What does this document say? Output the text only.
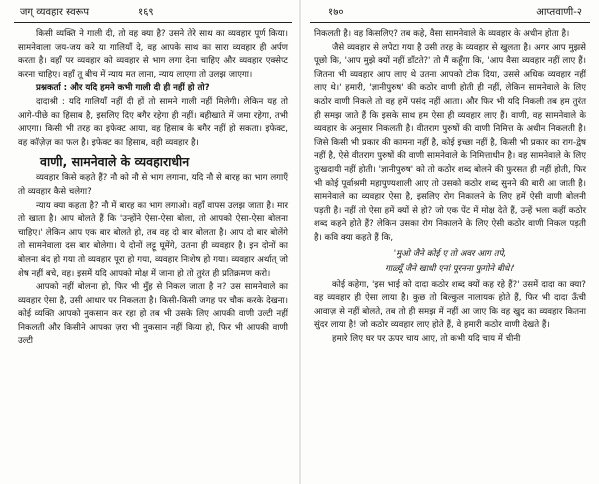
जग् व्यवहार स्वरूप	१६९

किसी व्यक्ति ने गाली दी, तो वह क्या है? उसने तेरे साथ का व्यवहार पूर्ण किया। सामनेवाला जय-जय करे या गालियाँ दे, वह आपके साथ का सारा व्यवहार ही अर्पण करता है। वहाँ पर व्यवहार को व्यवहार से भाग लगा देना चाहिए और व्यवहार एक्सेप्ट करना चाहिए। वहाँ तू बीच में न्याय मत लाना, न्याय लाएगा तो उलझ जाएगा।

प्रश्नकर्ता : और यदि हमने कभी गाली दी ही नहीं हो तो?

दादाश्री : यदि गालियाँ नहीं दी हों तो सामने गाली नहीं मिलेगी। लेकिन यह तो आगे-पीछे का हिसाब है, इसलिए दिए बगैर रहेगा ही नहीं। बहीखाते में जमा रहेगा, तभी आएगा। किसी भी तरह का इफेक्ट आया, वह हिसाब के बगैर नहीं हो सकता। इफेक्ट, वह कॉज़ेज़ का फल है। इफेक्ट का हिसाब, वही व्यवहार है।

वाणी, सामनेवाले के व्यवहाराधीन

व्यवहार किसे कहते हैं? नौ को नौ से भाग लगाना, यदि नौ से बारह का भाग लगाएँ तो व्यवहार कैसे चलेगा?

न्याय क्या कहता है? नौ में बारह का भाग लगाओ। वहाँ वापस उलझ जाता है। मार तो खाता है। आप बोलते हैं कि 'उन्होंने ऐसा-ऐसा बोला, तो आपको ऐसा-ऐसा बोलना चाहिए।' लेकिन आप एक बार बोलते हो, तब वह दो बार बोलता है। आप दो बार बोलेंगे तो सामनेवाला दस बार बोलेगा। ये दोनों लट्टू घूमेंगे, उतना ही व्यवहार है। इन दोनों का बोलना बंद हो गया तो व्यवहार पूरा हो गया, व्यवहार निःशेष हो गया। व्यवहार अर्थात् जो शेष नहीं बचे, वह। इसमें यदि आपको मोक्ष में जाना हो तो तुरंत ही प्रतिक्रमण करो।

आपको नहीं बोलना हो, फिर भी मुँह से निकल जाता है न? उस सामनेवाले का व्यवहार ऐसा है, उसी आधार पर निकलता है। किसी-किसी जगह पर चौक करके देखना। कोई व्यक्ति आपको नुकसान कर रहा हो तब भी उसके लिए आपकी वाणी उल्टी नहीं निकलती और किसीने आपका ज़रा भी नुकसान नहीं किया हो, फिर भी आपकी वाणी उल्टी

१७०	आप्तवाणी-२

निकलती है। वह किसलिए? तब कहे, वैसा सामनेवाले के व्यवहार के अधीन होता है।

जैसे व्यवहार से लपेटा गया है उसी तरह के व्यवहार से खुलता है। अगर आप मुझसे पूछो कि, 'आप मुझे क्यों नहीं डाँटते?' तो मैं कहूँगा कि, 'आप वैसा व्यवहार नहीं लाए हैं। जितना भी व्यवहार आप लाए थे उतना आपको टोक दिया, उससे अधिक व्यवहार नहीं लाए थे।' हमारी, 'ज्ञानीपुरुष' की कठोर वाणी होती ही नहीं, लेकिन सामनेवाले के लिए कठोर वाणी निकले तो वह हमें पसंद नहीं आता। और फिर भी यदि निकली तब हम तुरंत ही समझ जाते हैं कि इसके साथ हम ऐसा ही व्यवहार लाए हैं। वाणी, वह सामनेवाले के व्यवहार के अनुसार निकलती है। वीतराग पुरुषों की वाणी निमित्त के अधीन निकलती है। जिसे किसी भी प्रकार की कामना नहीं है, कोई इच्छा नहीं है, किसी भी प्रकार का राग-द्वेष नहीं है, ऐसे वीतराग पुरुषों की वाणी सामनेवाले के निमित्ताधीन है। वह सामनेवाले के लिए दुःखदायी नहीं होती। 'ज्ञानीपुरुष' को तो कठोर शब्द बोलने की फुरसत ही नहीं होती, फिर भी कोई पूर्वाश्रमी महापुण्यशाली आए तो उसको कठोर शब्द सुनने की बारी आ जाती है। सामनेवाले का व्यवहार ऐसा है, इसलिए रोग निकालने के लिए हमें ऐसी वाणी बोलनी पड़ती है। नहीं तो ऐसा हमें क्यों से हो? जो एक पेंट में मोक्ष देते हैं, उन्हें भला कहीं कठोर शब्द कहने होते हैं? लेकिन उसका रोग निकालने के लिए ऐसी कठोर वाणी निकल पड़ती है। कवि क्या कहते हैं कि,

'मुओ जैने कोई ए तो अवर आग तपे,

गाळ्यूँ जैने खाधी एनां पूरनना फुगोने बीधे।'

कोई कहेगा, 'इस भाई को दादा कठोर शब्द क्यों कह रहे हैं?' उसमें दादा का क्या? वह व्यवहार ही ऐसा लाया है। कुछ तो बिल्कुल नालायक होते हैं, फिर भी दादा ऊँची आवाज़ से नहीं बोलते, तब तो ही समझ में नहीं आ जाए कि वह खुद का व्यवहार कितना सुंदर लाया है! जो कठोर व्यवहार लाए होते हैं, वे हमारी कठोर वाणी देखते हैं।

हमारे लिए घर पर ऊपर चाय आए, तो कभी यदि चाय में चीनी
